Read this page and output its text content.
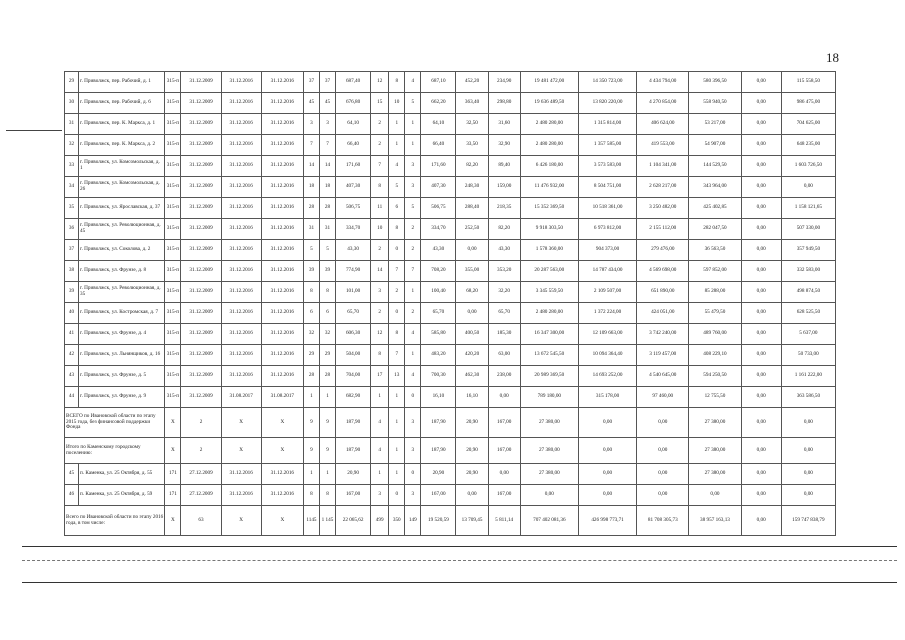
18
29	г. Приволжск, пер. Рабочий, д. 1	315-п	31.12.2009	31.12.2016	31.12.2016	37	37	687,40	12	8	4	687,10	452,20	234,90	19 481 472,00	14 350 723,00	4 434 794,00	580 396,50	0,00	115 558,50
30	г. Приволжск, пер. Рабочий, д. 6	315-п	31.12.2009	31.12.2016	31.12.2016	45	45	676,80	15	10	5	662,20	363,40	298,80	19 636 489,50	13 820 220,00	4 270 854,00	558 940,50	0,00	986 475,00
31	г. Приволжск, пер. К. Маркса, д. 1	315-п	31.12.2009	31.12.2016	31.12.2016	3	3	64,10	2	1	1	64,10	32,50	31,60	2 480 280,00	1 315 814,00	406 624,00	53 217,00	0,00	704 625,00
32	г. Приволжск, пер. К. Маркса, д. 2	315-п	31.12.2009	31.12.2016	31.12.2016	7	7	66,40	2	1	1	66,40	33,50	32,90	2 480 280,00	1 357 585,00	419 553,00	54 907,00	0,00	648 235,00
33	г. Приволжск, ул. Комсомольская, д. 1	315-п	31.12.2009	31.12.2016	31.12.2016	14	14	171,60	7	4	3	171,60	82,20	89,40	6 426 180,00	3 573 583,00	1 104 341,00	144 529,50	0,00	1 603 726,50
34	г. Приволжск, ул. Комсомольская, д. 26	315-п	31.12.2009	31.12.2016	31.12.2016	18	18	407,30	8	5	3	407,30	248,30	159,00	11 476 932,00	8 504 751,00	2 628 217,00	343 964,00	0,00	0,00
35	г. Приволжск, ул. Ярославская, д. 37	315-п	31.12.2009	31.12.2016	31.12.2016	28	28	506,75	11	6	5	506,75	288,40	218,35	15 352 369,50	10 518 361,00	3 250 482,00	425 402,85	0,00	1 158 121,65
36	г. Приволжск, ул. Революционная, д. 45	315-п	31.12.2009	31.12.2016	31.12.2016	31	31	334,70	10	8	2	334,70	252,50	82,20	9 918 303,50	6 973 812,00	2 155 112,00	282 047,50	0,00	507 330,00
37	г. Приволжск, ул. Соколова, д. 2	315-п	31.12.2009	31.12.2016	31.12.2016	5	5	43,30	2	0	2	43,30	0,00	43,30	1 578 360,00	904 373,00	279 476,00	36 563,50	0,00	357 949,50
38	г. Приволжск, ул. Фрунзе, д. 8	315-п	31.12.2009	31.12.2016	31.12.2016	39	39	774,90	14	7	7	708,20	355,00	353,20	20 287 563,00	14 787 434,00	4 569 698,00	597 852,00	0,00	332 583,00
39	г. Приволжск, ул. Революционная, д. 35	315-п	31.12.2009	31.12.2016	31.12.2016	8	8	101,00	3	2	1	100,40	68,20	32,20	3 345 559,50	2 109 507,00	651 890,00	85 288,00	0,00	498 874,50
40	г. Приволжск, ул. Костромская, д. 7	315-п	31.12.2009	31.12.2016	31.12.2016	6	6	65,70	2	0	2	65,70	0,00	65,70	2 480 280,00	1 372 224,00	424 051,00	55 479,50	0,00	628 525,50
41	г. Приволжск, ул. Фрунзе, д. 4	315-п	31.12.2009	31.12.2016	31.12.2016	32	32	606,30	12	8	4	585,80	400,50	185,30	16 347 300,00	12 109 663,00	3 742 240,00	489 760,00	0,00	5 637,00
42	г. Приволжск, ул. Льнянщиков, д. 16	315-п	31.12.2009	31.12.2016	31.12.2016	29	29	504,00	8	7	1	483,20	420,20	63,00	13 672 545,50	10 094 364,40	3 119 457,00	408 229,10	0,00	50 733,00
43	г. Приволжск, ул. Фрунзе, д. 5	315-п	31.12.2009	31.12.2016	31.12.2016	28	28	704,00	17	13	4	700,30	462,30	238,00	20 989 369,50	14 693 252,00	4 540 645,00	594 250,50	0,00	1 161 222,00
44	г. Приволжск, ул. Фрунзе, д. 9	315-п	31.12.2009	31.08.2017	31.08.2017	1	1	682,90	1	1	0	16,10	16,10	0,00	789 180,00	315 178,00	97 460,00	12 755,50	0,00	363 586,50
ВСЕГО по Ивановской области по этапу 2015 года, без финансовой поддержки Фонда		X	2	X	X	9	9	187,90	4	1	3	187,90	20,90	167,00	27 380,00	0,00	0,00	27 380,00	0,00	0,00
Итого по Каменскому городскому поселению:		X	2	X	X	9	9	187,90	4	1	3	187,90	20,90	167,00	27 380,00	0,00	0,00	27 380,00	0,00	0,00
45	п. Каменка, ул. 25 Октября, д. 55	171	27.12.2009	31.12.2016	31.12.2016	1	1	20,90	1	1	0	20,90	20,90	0,00	27 380,00	0,00	0,00	27 380,00	0,00	0,00
46	п. Каменка, ул. 25 Октября, д. 59	171	27.12.2009	31.12.2016	31.12.2016	8	8	167,00	3	0	3	167,00	0,00	167,00	0,00	0,00	0,00	0,00	0,00	0,00
Всего по Ивановской области по этапу 2016 года, в том числе:		X	63	X	X	1145	1 145	22 065,62	499	350	149	19 520,59	13 709,45	5 811,14	707 402 081,36	426 998 773,71	81 708 305,73	38 957 163,13	0,00	159 747 838,79
